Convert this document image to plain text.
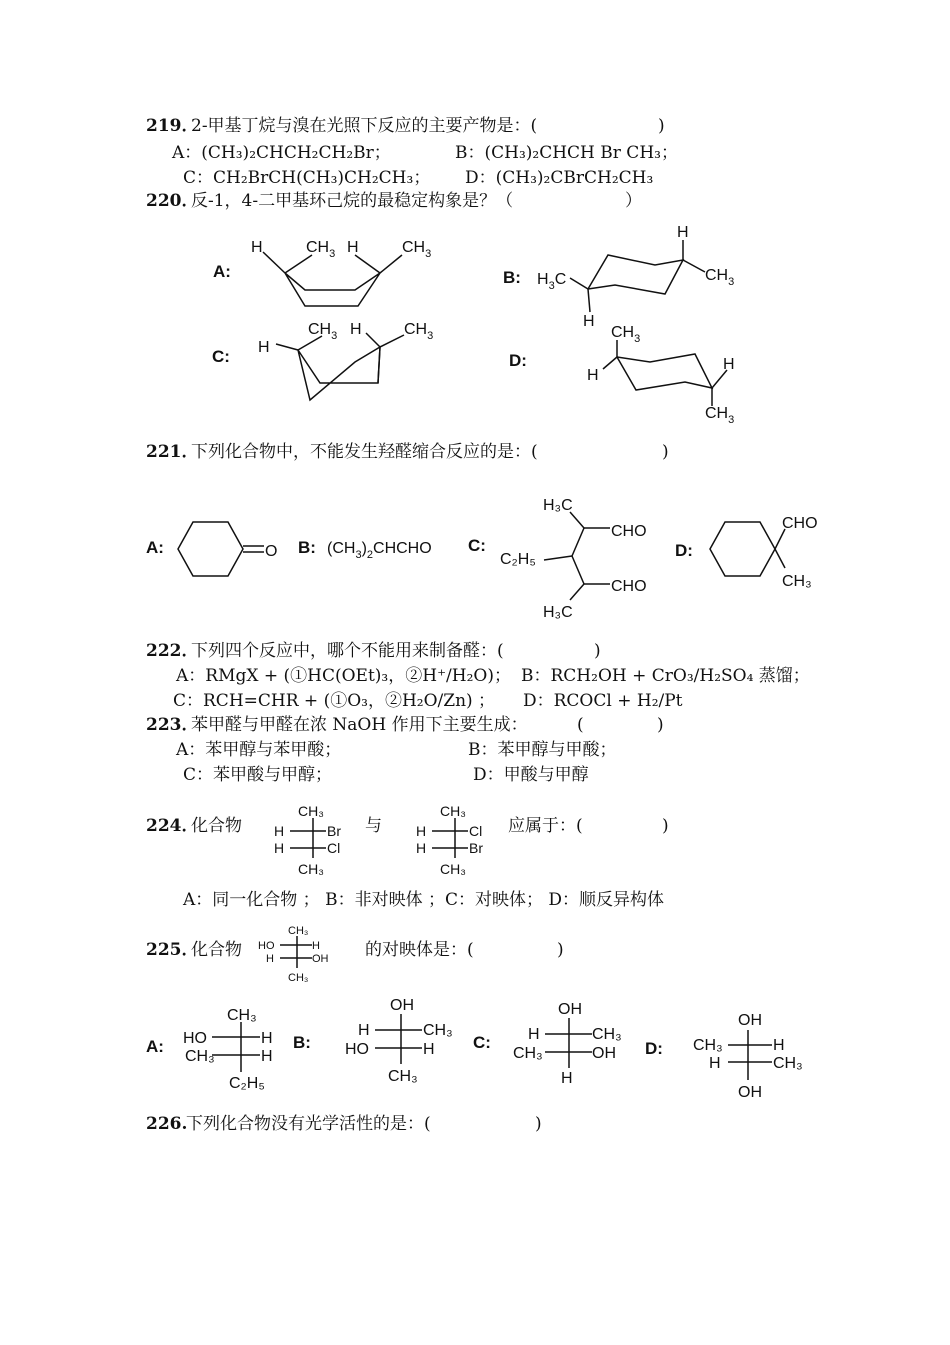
219．
2-甲基丁烷与溴在光照下反应的主要产物是：(	)
A：(CH₃)₂CHCH₂CH₂Br；	B：(CH₃)₂CHCH Br CH₃；
C：CH₂BrCH(CH₃)CH₂CH₃； D：(CH₃)₂CBrCH₂CH₃
220．
反-1，4-二甲基环己烷的最稳定构象是？（	）
A:	B:
C:	D:
H	$CH_3$ H	$CH_3$
$H_3C$
H
H
$CH_3$
H
$CH_3$ H	$CH_3$	$CH_3$
H
H
$CH_3$
O	$(CH_3)_2CHCHO$
H₃C
C₂H₅
CHO
CHO
H₃C
CHO
CH₃
CH₃
H	Br
H	Cl
CH₃
CH₃
H	Cl
H	Br
CH₃
CH₃
HO	H
H	OH
CH₃
CH₃
HO	H
CH₃	H
C₂H₅
OH
H	CH₃
HO	H
CH₃
OH
H	CH₃
CH₃	OH
H
OH
CH₃	H
H	CH₃
OH
221．
下列化合物中，不能发生羟醛缩合反应的是：(	)
A:	B:	C:	D:
222．
下列四个反应中，哪个不能用来制备醛：(	)
A：RMgX + (①HC(OEt)₃，②H⁺/H₂O)； B：RCH₂OH + CrO₃/H₂SO₄ 蒸馏；
C：RCH=CHR + (①O₃，②H₂O/Zn) ； D：RCOCl + H₂/Pt
223．
苯甲醛与甲醛在浓 NaOH 作用下主要生成：	(	)
A：苯甲醇与苯甲酸；	B：苯甲醇与甲酸；
C：苯甲酸与甲醇；	D：甲酸与甲醇
224．
化合物	与	应属于：(	)
A：同一化合物 ； B：非对映体 ；C：对映体； D：顺反异构体
225．
化合物	的对映体是：(	)
A:	B:	C:	D:
226.
下列化合物没有光学活性的是：(	)
